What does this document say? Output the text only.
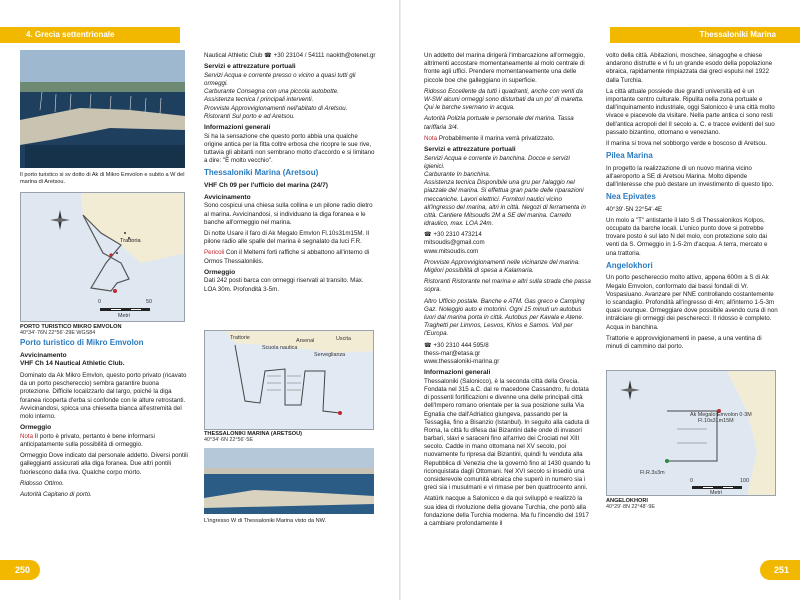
4. Grecia settentrionale	Thessaloniki Marina
250	251
Il porto turistico si sv dotto di Ak di Mikro Emvolon e subito a W del marina di Aretsou.
Trattoria
0	50
Metri
PORTO TURISTICO MIKRO EMVOLON
40°34'·76N 22°56'·29E WGS84
Porto turistico di Mikro Emvolon
Avvicinamento

VHF Ch 14 Nautical Athletic Club.

Dominato da Ak Mikro Emvlon, questo porto privato (ricavato da un porto peschereccio) sembra garantire buona protezione. Difficile localizzarlo dal largo, poiché la diga foranea ricoperta d'erba si confonde con le alture retrostanti. Avvicinandosi, spicca una chiesetta bianca all'estremità del molo interno.

Ormeggio

Nota Il porto è privato, pertanto è bene informarsi anticipatamente sulla possibilità di ormeggio.

Ormeggio Dove indicato dal personale addetto. Diversi pontili galleggianti assicurati alla diga foranea. Due altri pontili fuoriescono dalla riva. Qualche corpo morto.

Ridosso Ottimo.

Autorità Capitano di porto.

Nautical Athletic Club ☎ +30 23104 / 54111 naokth@otenet.gr

Servizi e attrezzature portuali

Servizi Acqua e corrente presso o vicino a quasi tutti gli ormeggi.
Carburante Consegna con una piccola autobotte.
Assistenza tecnica I principali interventi.
Provviste Approvvigionamenti nell'abitato di Aretsou.
Ristoranti Sul porto e ad Aretsou.

Informazioni generali

Si ha la sensazione che questo porto abbia una qualche origine antica per la fitta coltre erbosa che ricopre le sue rive, tuttavia gli abitanti non sembrano molto d'accordo e si limitano a dire: "È molto vecchio".

Thessaloniki Marina (Aretsou)

VHF Ch 09 per l'ufficio del marina (24/7)

Avvicinamento

Sono cospicui una chiesa sulla collina e un pilone radio dietro al marina. Avvicinandosi, si individuano la diga foranea e le banche all'ormeggio nel marina.

Di notte Usare il faro di Ak Megalo Emvlon Fl.10s31m15M. Il pilone radio alle spalle del marina è segnalato da luci F.R.

Pericoli Con il Meltemi forti raffiche si abbattono all'interno di Ormos Thessalonikis.

Ormeggio

Dati 242 posti barca con ormeggi riservati al transito. Max. LOA 30m. Profondità 3-5m.

Trattorie
Scuola nautica
Arsenal	Uscita
Serveglianza
THESSALONIKI MARINA (ARETSOU)
40°34'·6N 22°56'·5E
L'ingresso W di Thessaloniki Marina visto da NW.

Un addetto del marina dirigerà l'imbarcazione all'ormeggio, altrimenti accostare momentaneamente al molo centrale di fronte agli uffici. Prendere momentaneamente una delle piccole boe che galleggiano in superficie.

Ridosso Eccellente da tutti i quadranti, anche con venti da W-SW alcuni ormeggi sono disturbati da un po' di maretta. Qui le barche svernano in acqua.

Autorità Polizia portuale e personale del marina. Tassa tariffaria 3/4.

Nota Probabilmente il marina verrà privatizzato.

Servizi e attrezzature portuali

Servizi Acqua e corrente in banchina. Docce e servizi igienici.
Carburante In banchina.
Assistenza tecnica Disponibile una gru per l'alaggio nel piazzale del marina. Si effettua gran parte delle riparazioni meccaniche. Lavori elettrici. Fornitori nautici vicino all'ingresso del marina, altri in città. Negozi di ferramenta in città. Cantiere Mitsoudis 2M a SE del marina. Carrello idraulico, max. LOA 24m.

☎ +30 2310 473214
mitsoudis@gmail.com
www.mitsoudis.com

Provviste Approvvigionamenti nelle vicinanze del marina. Migliori possibilità di spesa a Kalamaria.

Ristoranti Ristorante nel marina e altri sulla strada che passa sopra.

Altro Ufficio postale. Banche e ATM. Gas greco e Camping Gaz. Noleggio auto e motorini. Ogni 15 minuti un autobus luori dal marina porta in città. Autobus per Kavala e Atene. Traghetti per Limnos, Lesvos, Khios e Samos. Voli per l'Europa.

☎ +30 2310 444 595/8
thess-mar@etasa.gr
www.thessaloniki-marina.gr

Informazioni generali

Thessaloniki (Salonicco), è la seconda città della Grecia. Fondata nel 315 a.C. dal re macedone Cassandro, fu dotata di possenti fortificazioni e divenne una delle principali città dell'Impero romano orientale per la sua posizione sulla Via Egnatia che dall'Adriatico giungeva, passando per la Tessaglia, fino a Bisanzio (Istanbul). In seguito alla caduta di Roma, la città fu difesa dai Bizantini dalle onde di invasori barbari, slavi e saraceni fino all'arrivo dei Crociati nel XIII secolo. Cadde in mano ottomana nel XV secolo, poi nuovamente fu ripresa dai Bizantini, quindi fu venduta alla Repubblica di Venezia che la governò fino al 1430 quando fu riconquistata dagli Ottomani. Nel XVI secolo si insediò una considerevole comunità ebraica che superò in numero sia i greci sia i musulmani e vi rimase per ben quattrocento anni.

Atatürk nacque a Salonicco e da qui sviluppò e realizzò la sua idea di rivoluzione della giovane Turchia, che portò alla fondazione della Turchia moderna. Ma fu l'incendio del 1917 a cambiare profondamente il

volto della città. Abitazioni, moschee, sinagoghe e chiese andarono distrutte e vi fu un grande esodo della popolazione ebraica, rapidamente rimpiazzata dai greci espulsi nel 1922 dalla Turchia.

La città attuale possiede due grandi università ed è un importante centro culturale. Ripulita nella zona portuale e dall'inquinamento industriale, oggi Salonicco è una città molto vivace e piacevole da visitare. Nella parte antica ci sono resti dell'antica acropoli del II secolo a. C. e tracce evidenti del suo passato bizantino, ottomano e veneziano.

Il marina si trova nel sobborgo verde e boscoso di Aretsou.

Pilea Marina

In progetto la realizzazione di un nuovo marina vicino all'aeroporto a SE di Aretsou Marina. Molto dipende dall'interesse che può destare un investimento di questo tipo.

Nea Epivates

40°39'·5N 22°54'·4E

Un molo a "T" antistante il lato S di Thessalonikos Kolpos, occupato da barche locali. L'unico punto dove si potrebbe trovare posto è sul lato N del molo, con protezione solo dai venti da S. Ormeggio in 1-5-2m d'acqua. A terra, mercato e una trattoria.

Angelokhori

Un porto peschereccio molto attivo, appena 600m a S di Ak Megalo Emvolon, conformato dai bassi fondali di Vr. Vospasiuano. Avanzare per NNE controllando costantemente lo scandaglio. Profondità all'ingresso di 4m; all'interno 1-5-3m quasi ovunque. Ormeggiare dove possibile avendo cura di non intralciare gli ormeggi dei pescherecci. Il ridosso è completo. Acqua in banchina.

Trattorie e approvvigionamenti in paese, a una ventina di minuti di cammino dal porto.

Ak Megalo Emvolon 0·3M
Fl.10s31m15M
Fl.R.3s3m
0	100
Metri
ANGELOKHORI
40°29'·8N 22°48'·9E
